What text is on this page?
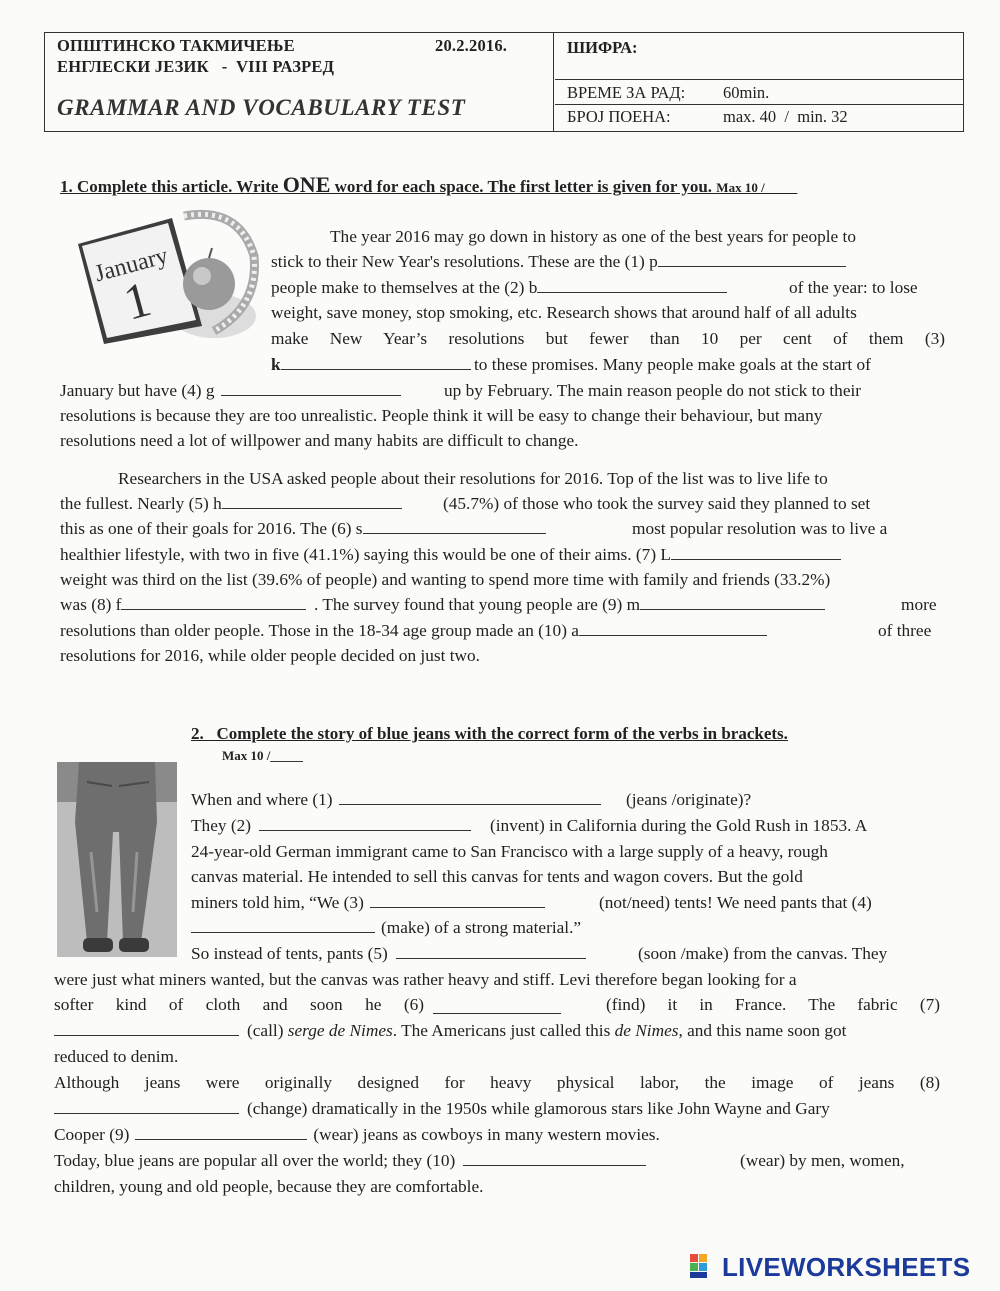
ОПШТИНСКО ТАКМИЧЕЊЕ	20.2.2016.
ЕНГЛЕСКИ ЈЕЗИК   -  VIII РАЗРЕД
GRAMMAR AND VOCABULARY TEST
ШИФРА:
ВРЕМЕ ЗА РАД: 60min.
БРОЈ ПОЕНА:	max. 40  /  min. 32
1. Complete this article. Write ONE word for each space. The first letter is given for you. Max 10 /_____
January
1
The year 2016 may go down in history as one of the best years for people to
stick to their New Year's resolutions. These are the (1) p
people make to themselves at the (2) b	of the year: to lose
weight, save money, stop smoking, etc. Research shows that around half of all adults
make New Year’s resolutions but fewer than 10 per cent of them (3)
k	to these promises. Many people make goals at the start of
January but have (4) g	up by February. The main reason people do not stick to their
resolutions is because they are too unrealistic. People think it will be easy to change their behaviour, but many
resolutions need a lot of willpower and many habits are difficult to change.
Researchers in the USA asked people about their resolutions for 2016. Top of the list was to live life to
the fullest. Nearly (5) h	(45.7%) of those who took the survey said they planned to set
this as one of their goals for 2016. The (6) s	most popular resolution was to live a
healthier lifestyle, with two in five (41.1%) saying this would be one of their aims. (7) L
weight was third on the list (39.6% of people) and wanting to spend more time with family and friends (33.2%)
was (8) f	. The survey found that young people are (9) m	more
resolutions than older people. Those in the 18-34 age group made an (10) a	of three
resolutions for 2016, while older people decided on just two.
2.   Complete the story of blue jeans with the correct form of the verbs in brackets.
Max 10 /_____
When and where (1)	(jeans /originate)?
They (2)	(invent) in California during the Gold Rush in 1853. A
24-year-old German immigrant came to San Francisco with a large supply of a heavy, rough
canvas material. He intended to sell this canvas for tents and wagon covers. But the gold
miners told him, “We (3)	(not/need) tents! We need pants that (4)
(make) of a strong material.”
So instead of tents, pants (5)	(soon /make) from the canvas. They
were just what miners wanted, but the canvas was rather heavy and stiff. Levi therefore began looking for a
softer kind of cloth and soon he (6)	(find) it in France. The fabric (7)
(call) serge de Nimes. The Americans just called this de Nimes, and this name soon got
reduced to denim.
Although jeans were originally designed for heavy physical labor, the image of jeans (8)
(change) dramatically in the 1950s while glamorous stars like John Wayne and Gary
Cooper (9)	(wear) jeans as cowboys in many western movies.
Today, blue jeans are popular all over the world; they (10)	(wear) by men, women,
children, young and old people, because they are comfortable.
LIVEWORKSHEETS
